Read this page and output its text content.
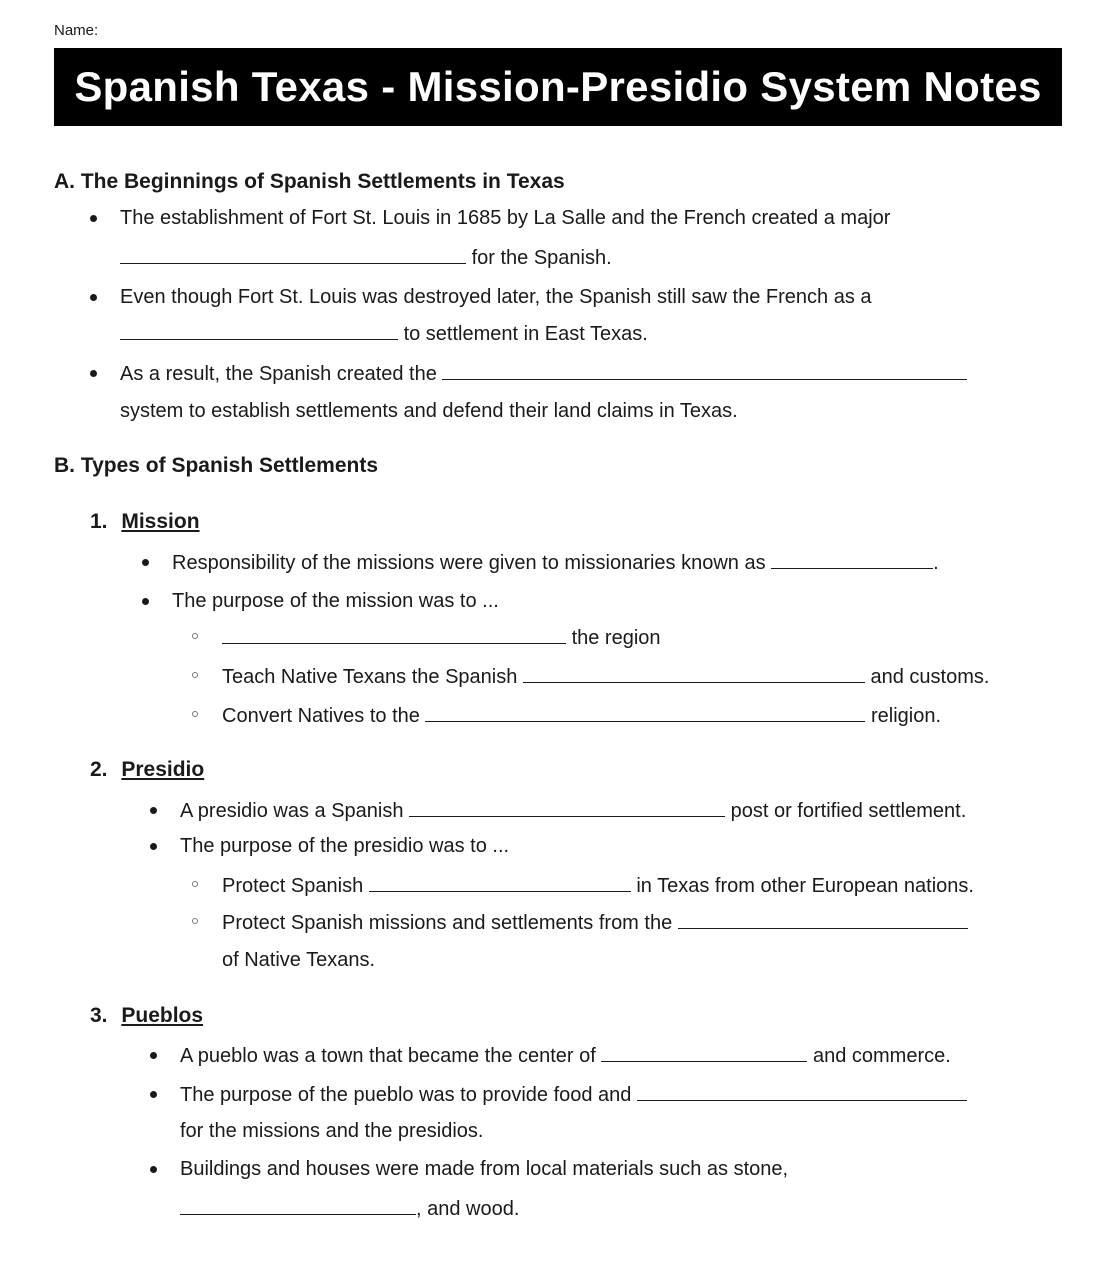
Name:
Spanish Texas - Mission-Presidio System Notes
A. The Beginnings of Spanish Settlements in Texas
The establishment of Fort St. Louis in 1685 by La Salle and the French created a major
for the Spanish.
Even though Fort St. Louis was destroyed later, the Spanish still saw the French as a
to settlement in East Texas.
As a result, the Spanish created the
system to establish settlements and defend their land claims in Texas.
B. Types of Spanish Settlements
1. Mission
Responsibility of the missions were given to missionaries known as	.
The purpose of the mission was to ...
the region
Teach Native Texans the Spanish	and customs.
Convert Natives to the	religion.
2. Presidio
A presidio was a Spanish	post or fortified settlement.
The purpose of the presidio was to ...
Protect Spanish	in Texas from other European nations.
Protect Spanish missions and settlements from the
of Native Texans.
3. Pueblos
A pueblo was a town that became the center of	and commerce.
The purpose of the pueblo was to provide food and
for the missions and the presidios.
Buildings and houses were made from local materials such as stone,
, and wood.
